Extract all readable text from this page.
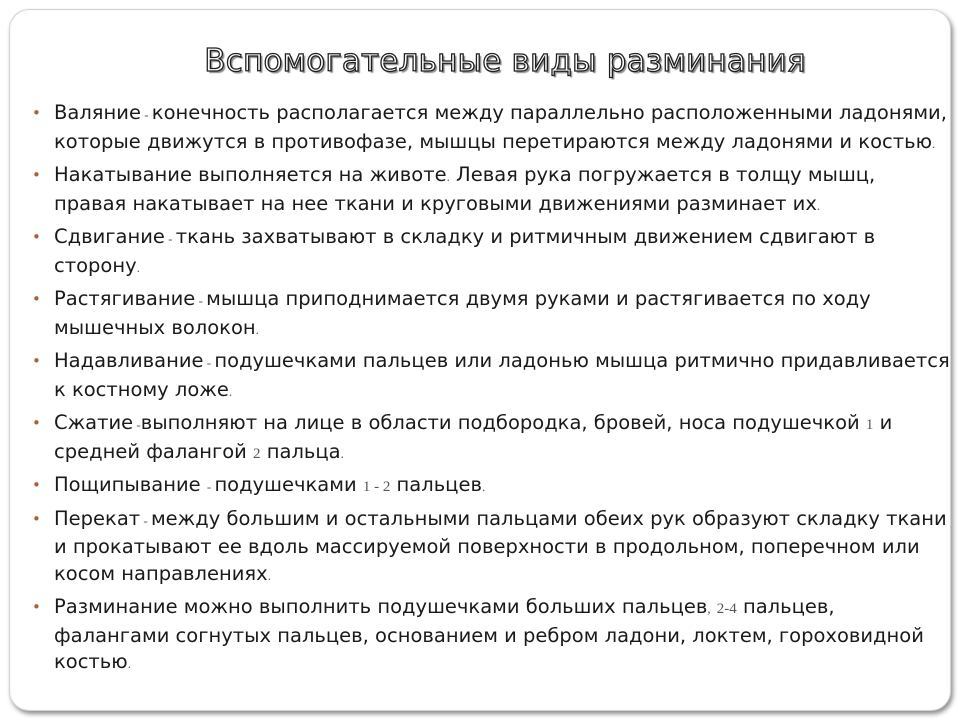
Вспомогательные виды разминания
• Валяние - конечность располагается между параллельно расположенными ладонями, которые движутся в противофазе, мышцы перетираются между ладонями и костью.
• Накатывание выполняется на животе. Левая рука погружается в толщу мышц, правая накатывает на нее ткани и круговыми движениями разминает их.
• Сдвигание - ткань захватывают в складку и ритмичным движением сдвигают в сторону.
• Растягивание - мышца приподнимается двумя руками и растягивается по ходу мышечных волокон.
• Надавливание - подушечками пальцев или ладонью мышца ритмично придавливается к костному ложе.
• Сжатие -выполняют на лице в области подбородка, бровей, носа подушечкой 1 и средней фалангой 2 пальца.
• Пощипывание - подушечками 1 - 2 пальцев.
• Перекат - между большим и остальными пальцами обеих рук образуют складку ткани и прокатывают ее вдоль массируемой поверхности в продольном, поперечном или косом направлениях.
• Разминание можно выполнить подушечками больших пальцев, 2-4 пальцев, фалангами согнутых пальцев, основанием и ребром ладони, локтем, гороховидной костью.
